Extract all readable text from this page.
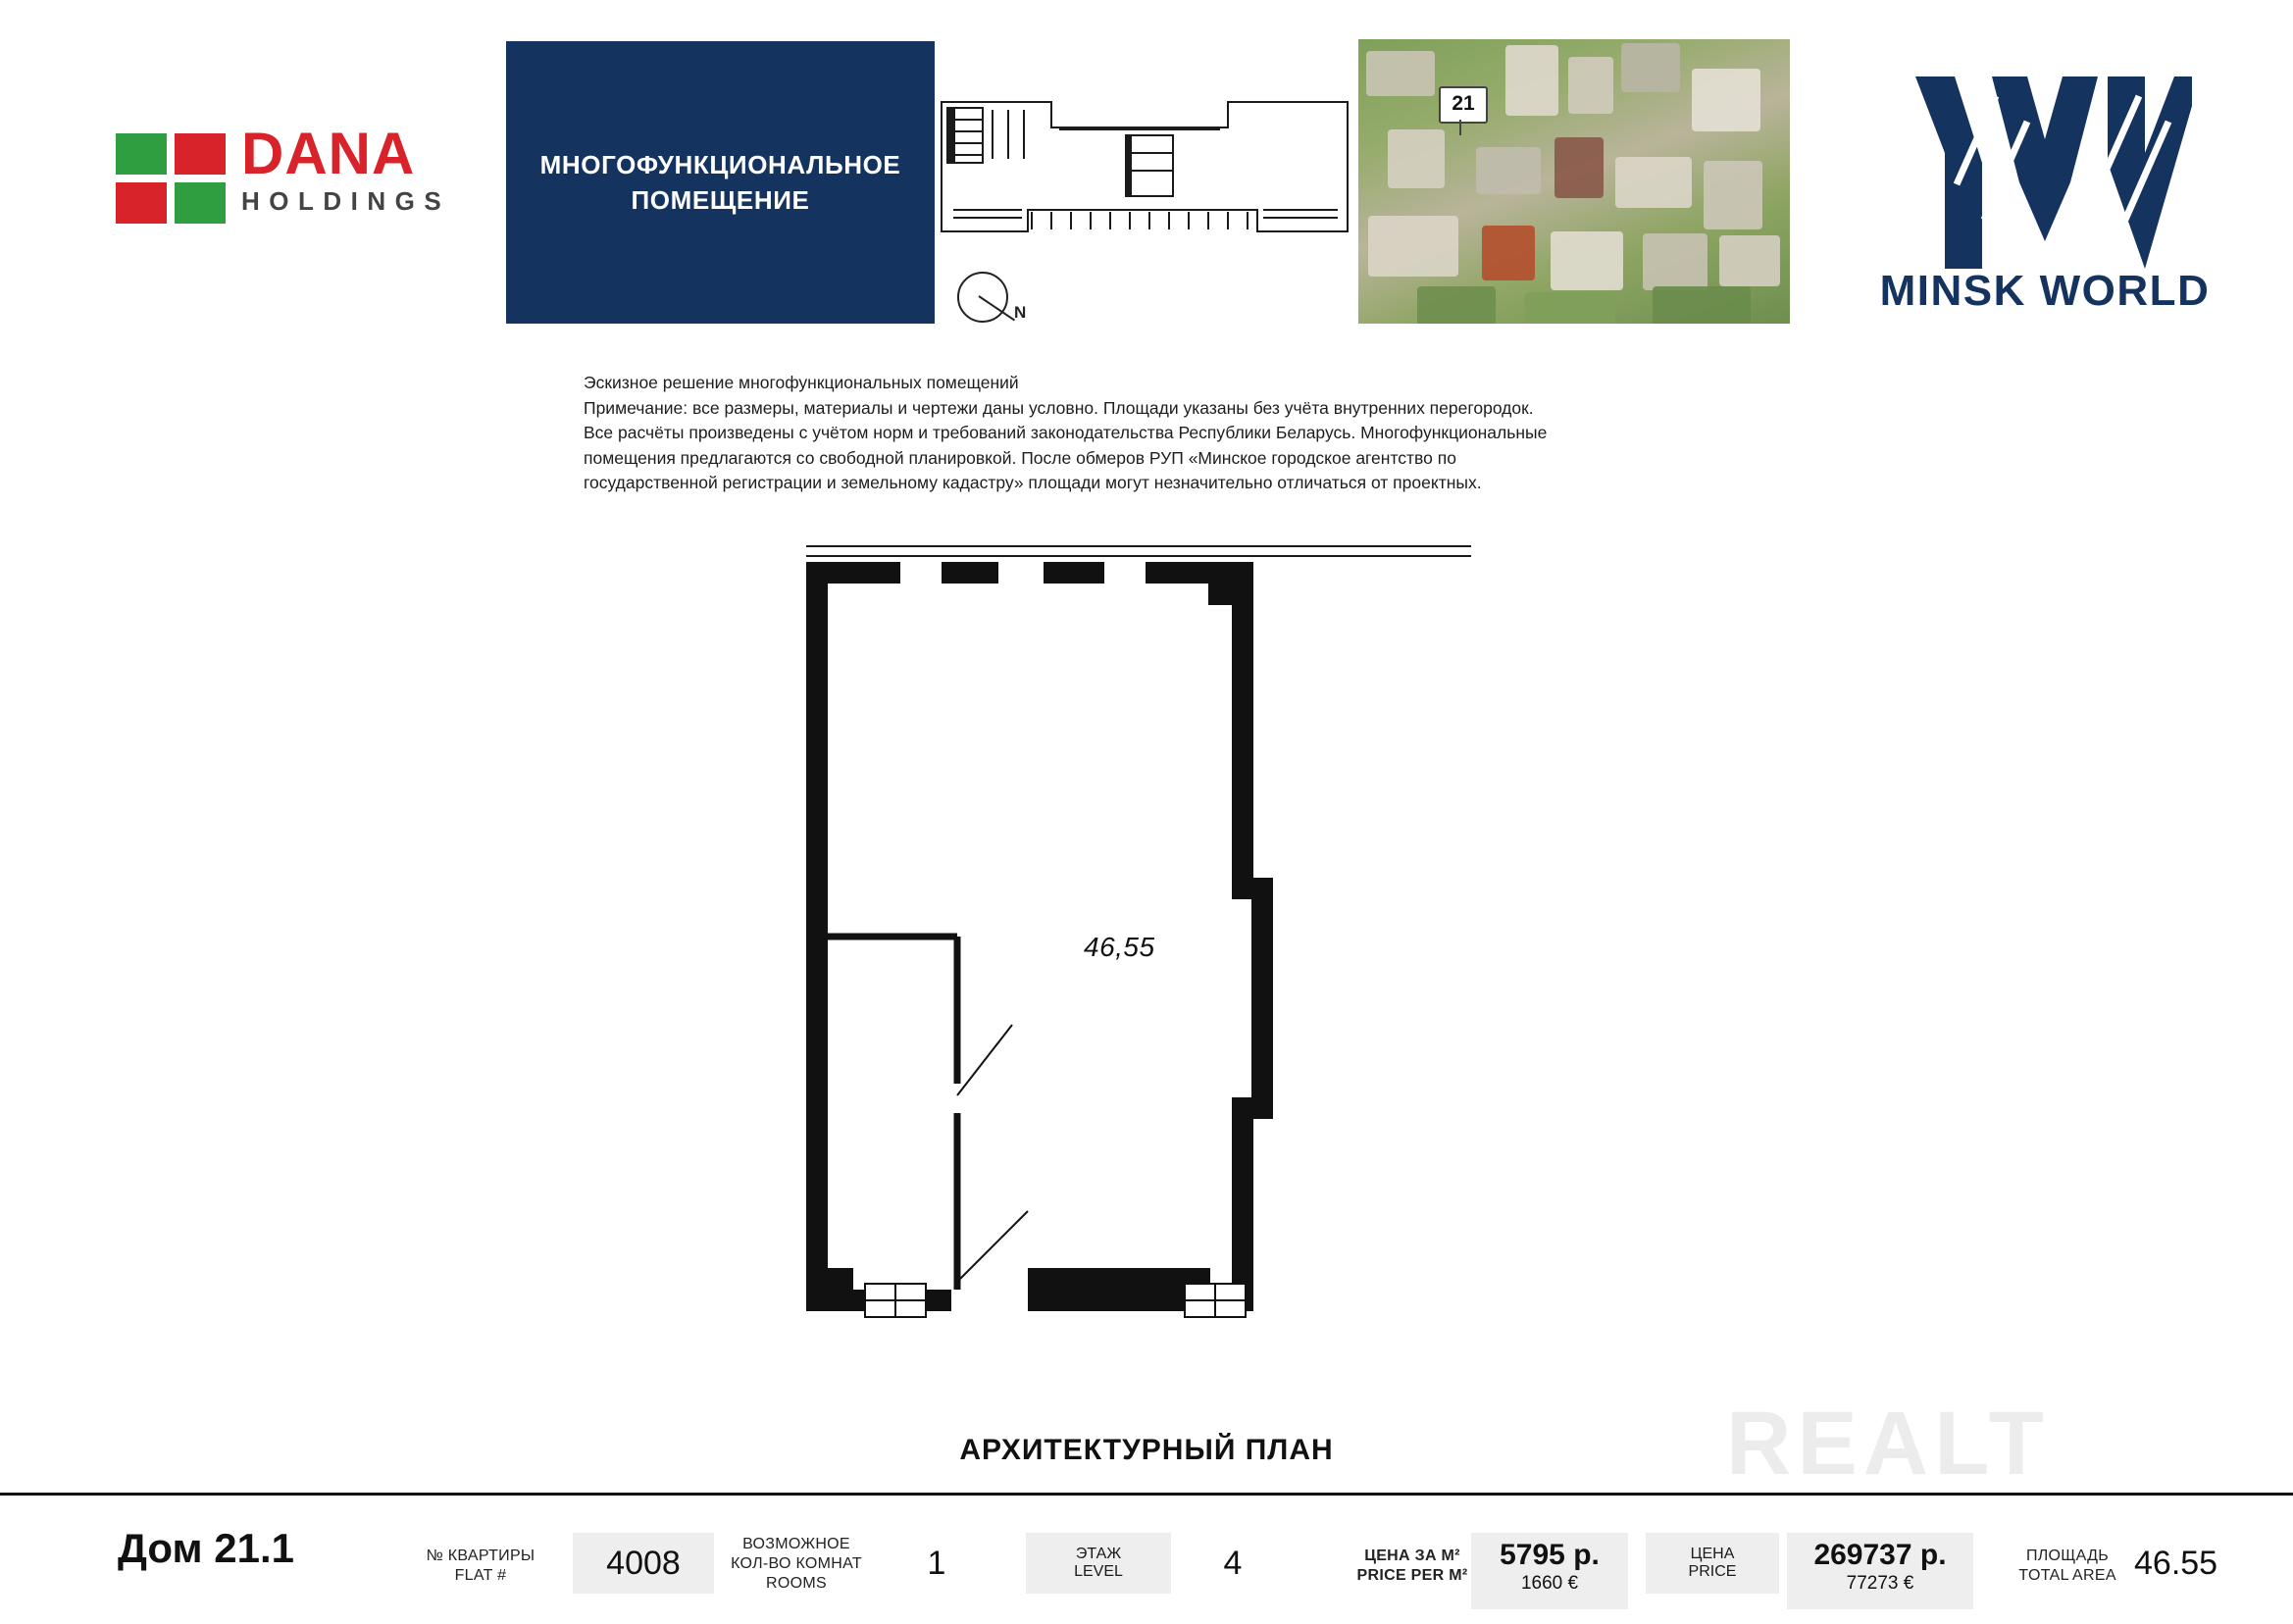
DANA
HOLDINGS
МНОГОФУНКЦИОНАЛЬНОЕ
ПОМЕЩЕНИЕ
N
21
MINSK WORLD
Эскизное решение многофункциональных помещений
Примечание: все размеры, материалы и чертежи даны условно. Площади указаны без учёта внутренних перегородок.
Все расчёты произведены с учётом норм и требований законодательства Республики Беларусь. Многофункциональные
помещения предлагаются со свободной планировкой. После обмеров РУП «Минское городское агентство по
государственной регистрации и земельному кадастру» площади могут незначительно отличаться от проектных.
46,55
АРХИТЕКТУРНЫЙ ПЛАН	REALT
Дом 21.1	№ КВАРТИРЫ
FLAT #	4008	ВОЗМОЖНОЕ
КОЛ-ВО КОМНАТ
ROOMS
1	ЭТАЖ
LEVEL	4	ЦЕНА ЗА М²
PRICE PER M²
5795 р.
1660 €
ЦЕНА
PRICE
269737 р.
77273 €
ПЛОЩАДЬ
TOTAL AREA 46.55
